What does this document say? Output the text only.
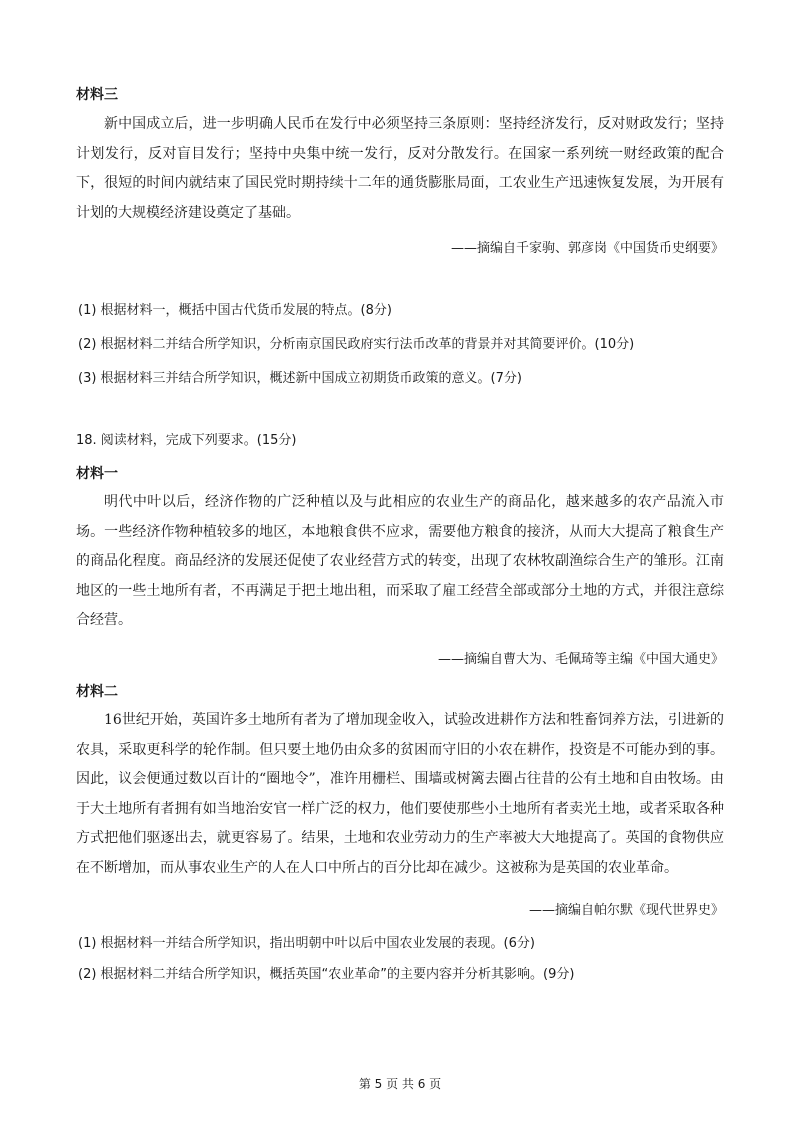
材料三

新中国成立后，进一步明确人民币在发行中必须坚持三条原则：坚持经济发行，反对财政发行；坚持计划发行，反对盲目发行；坚持中央集中统一发行，反对分散发行。在国家一系列统一财经政策的配合下，很短的时间内就结束了国民党时期持续十二年的通货膨胀局面，工农业生产迅速恢复发展，为开展有计划的大规模经济建设奠定了基础。

——摘编自千家驹、郭彦岗《中国货币史纲要》
(1) 根据材料一，概括中国古代货币发展的特点。(8分)
(2) 根据材料二并结合所学知识，分析南京国民政府实行法币改革的背景并对其简要评价。(10分)
(3) 根据材料三并结合所学知识，概述新中国成立初期货币政策的意义。(7分)
18. 阅读材料，完成下列要求。(15分)
材料一

明代中叶以后，经济作物的广泛种植以及与此相应的农业生产的商品化，越来越多的农产品流入市场。一些经济作物种植较多的地区，本地粮食供不应求，需要他方粮食的接济，从而大大提高了粮食生产的商品化程度。商品经济的发展还促使了农业经营方式的转变，出现了农林牧副渔综合生产的雏形。江南地区的一些土地所有者，不再满足于把土地出租，而采取了雇工经营全部或部分土地的方式，并很注意综合经营。

——摘编自曹大为、毛佩琦等主编《中国大通史》
材料二

16世纪开始，英国许多土地所有者为了增加现金收入，试验改进耕作方法和牲畜饲养方法，引进新的农具，采取更科学的轮作制。但只要土地仍由众多的贫困而守旧的小农在耕作，投资是不可能办到的事。因此，议会便通过数以百计的“圈地令”，准许用栅栏、围墙或树篱去圈占往昔的公有土地和自由牧场。由于大土地所有者拥有如当地治安官一样广泛的权力，他们要使那些小土地所有者卖光土地，或者采取各种方式把他们驱逐出去，就更容易了。结果，土地和农业劳动力的生产率被大大地提高了。英国的食物供应在不断增加，而从事农业生产的人在人口中所占的百分比却在减少。这被称为是英国的农业革命。

——摘编自帕尔默《现代世界史》
(1) 根据材料一并结合所学知识，指出明朝中叶以后中国农业发展的表现。(6分)
(2) 根据材料二并结合所学知识，概括英国“农业革命”的主要内容并分析其影响。(9分)
第 5 页 共 6 页
